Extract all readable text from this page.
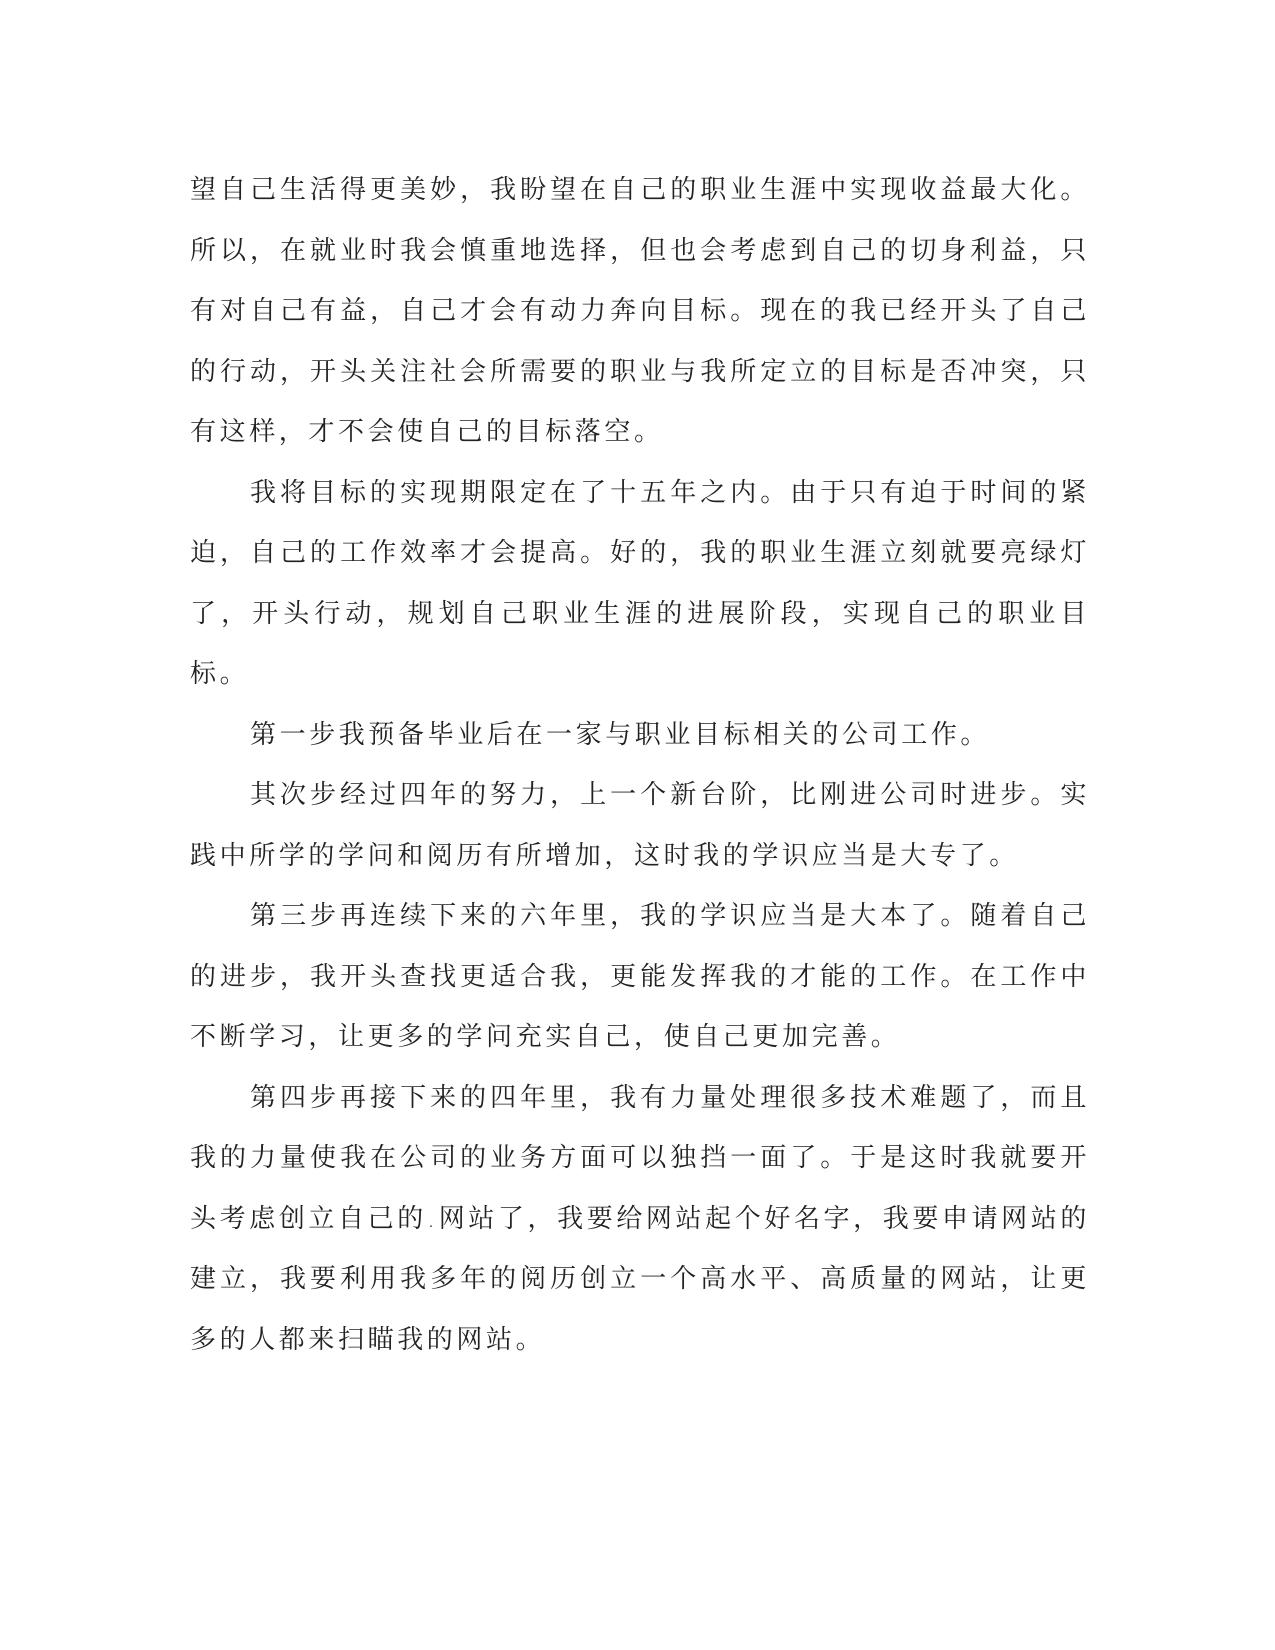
望自己生活得更美妙，我盼望在自己的职业生涯中实现收益最大化。所以，在就业时我会慎重地选择，但也会考虑到自己的切身利益，只有对自己有益，自己才会有动力奔向目标。现在的我已经开头了自己的行动，开头关注社会所需要的职业与我所定立的目标是否冲突，只有这样，才不会使自己的目标落空。

我将目标的实现期限定在了十五年之内。由于只有迫于时间的紧迫，自己的工作效率才会提高。好的，我的职业生涯立刻就要亮绿灯了，开头行动，规划自己职业生涯的进展阶段，实现自己的职业目标。

第一步我预备毕业后在一家与职业目标相关的公司工作。

其次步经过四年的努力，上一个新台阶，比刚进公司时进步。实践中所学的学问和阅历有所增加，这时我的学识应当是大专了。

第三步再连续下来的六年里，我的学识应当是大本了。随着自己的进步，我开头查找更适合我，更能发挥我的才能的工作。在工作中不断学习，让更多的学问充实自己，使自己更加完善。

第四步再接下来的四年里，我有力量处理很多技术难题了，而且我的力量使我在公司的业务方面可以独挡一面了。于是这时我就要开头考虑创立自己的.网站了，我要给网站起个好名字，我要申请网站的建立，我要利用我多年的阅历创立一个高水平、高质量的网站，让更多的人都来扫瞄我的网站。
